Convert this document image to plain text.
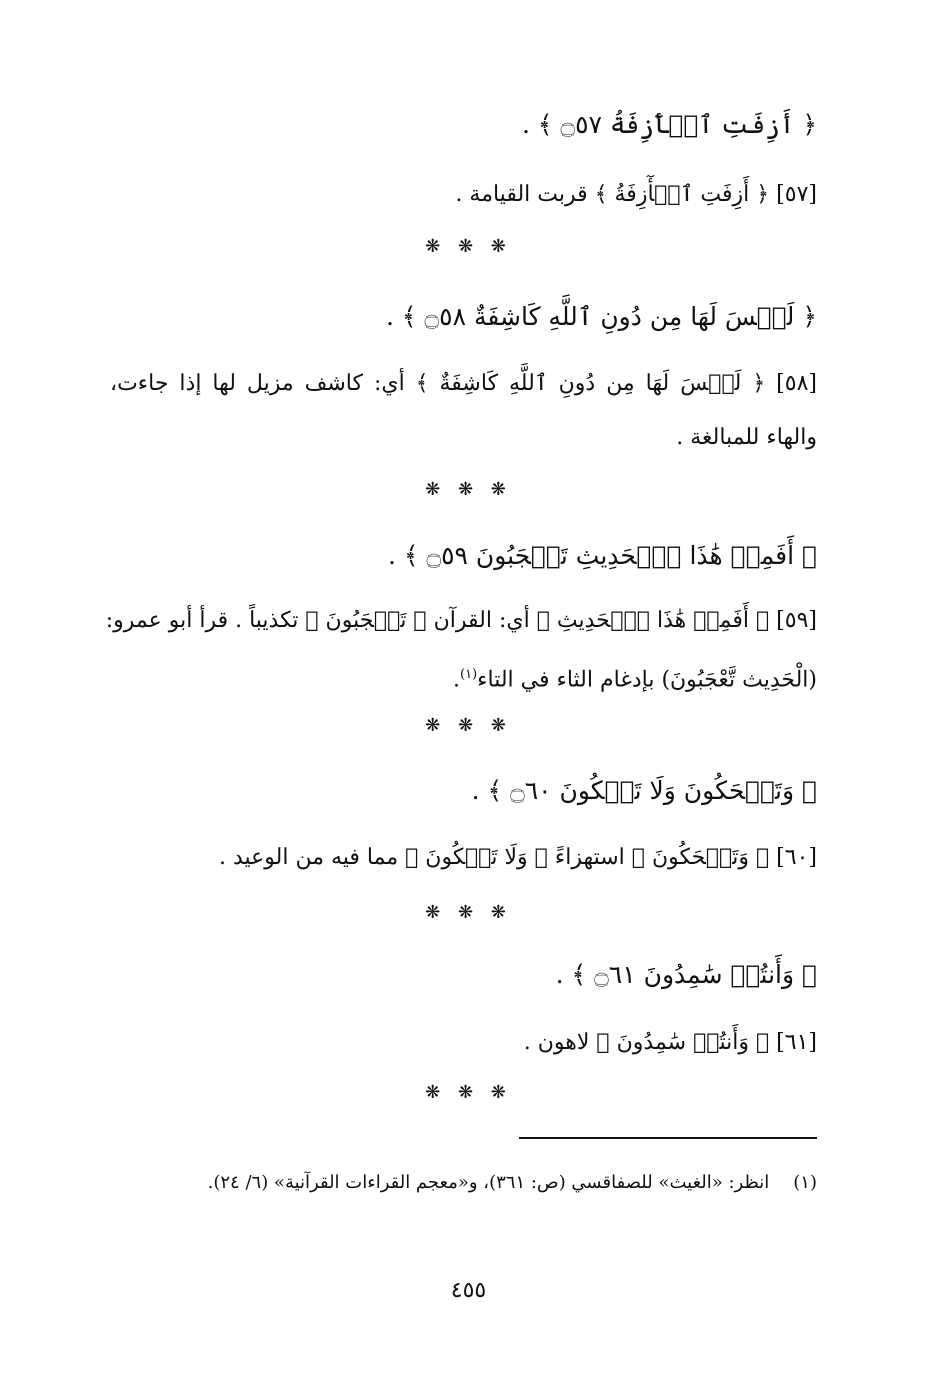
﴿ أَزِفَتِ ٱلۡأٓزِفَةُ ۝٥٧ ﴾ .
[٥٧] ﴿ أَزِفَتِ ٱلۡأٓزِفَةُ ﴾ قربت القيامة .
❋ ❋ ❋
﴿ لَيۡسَ لَهَا مِن دُونِ ٱللَّهِ كَاشِفَةٌ ۝٥٨ ﴾ .
[٥٨] ﴿ لَيۡسَ لَهَا مِن دُونِ ٱللَّهِ كَاشِفَةٌ ﴾ أي: كاشف مزيل لها إذا جاءت،
والهاء للمبالغة .
❋ ❋ ❋
﴿ أَفَمِنۡ هَٰذَا ٱلۡحَدِيثِ تَعۡجَبُونَ ۝٥٩ ﴾ .
[٥٩] ﴿ أَفَمِنۡ هَٰذَا ٱلۡحَدِيثِ ﴾ أي: القرآن ﴿ تَعۡجَبُونَ ﴾ تكذيباً . قرأ أبو عمرو:
(الْحَدِيث تَّعْجَبُونَ) بإدغام الثاء في التاء$^{(١)}$.
❋ ❋ ❋
﴿ وَتَضۡحَكُونَ وَلَا تَبۡكُونَ ۝٦٠ ﴾ .
[٦٠] ﴿ وَتَضۡحَكُونَ ﴾ استهزاءً ﴿ وَلَا تَبۡكُونَ ﴾ مما فيه من الوعيد .
❋ ❋ ❋
﴿ وَأَنتُمۡ سَٰمِدُونَ ۝٦١ ﴾ .
[٦١] ﴿ وَأَنتُمۡ سَٰمِدُونَ ﴾ لاهون .
❋ ❋ ❋
(١)انظر: «الغيث» للصفاقسي (ص: ٣٦١)، و«معجم القراءات القرآنية» (٦/ ٢٤).
٤٥٥
